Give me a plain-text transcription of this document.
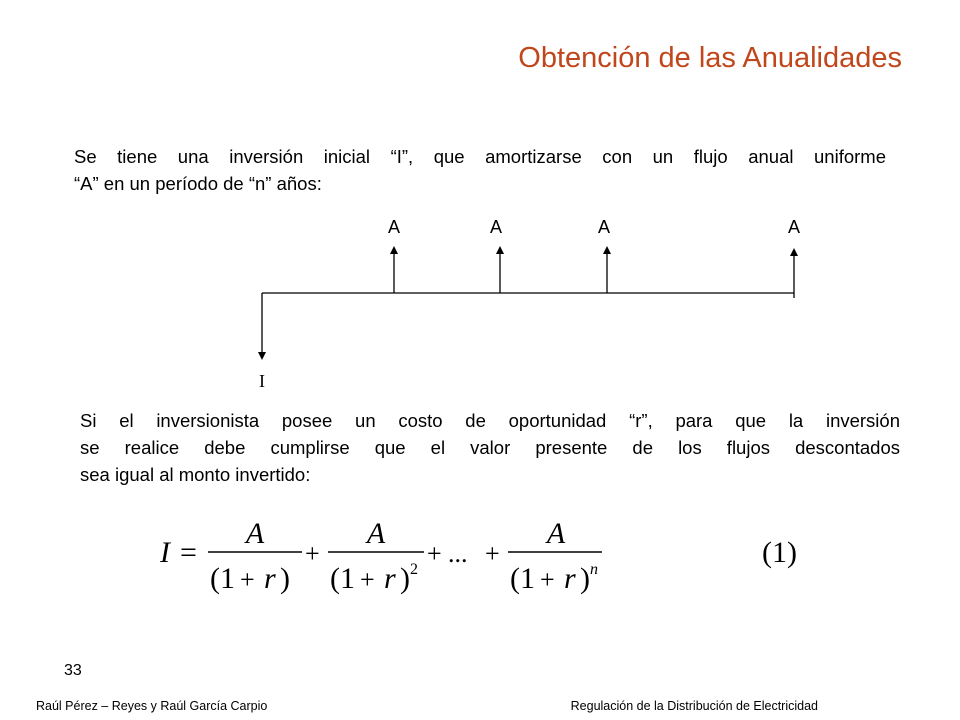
Obtención de las Anualidades
Se tiene una inversión inicial “I”, que amortizarse con un flujo anual uniforme
“A” en un período de “n” años:
A	A	A	A
I
Si el inversionista posee un costo de oportunidad “r”, para que la inversión
se realice debe cumplirse que el valor presente de los flujos descontados
sea igual al monto invertido:
I =
A
(1 + r )
+
A
(1 + r ) 2
+ ... +
A
(1 + r ) n
(1)
33
Raúl Pérez – Reyes y Raúl García Carpio	Regulación de la Distribución de Electricidad
